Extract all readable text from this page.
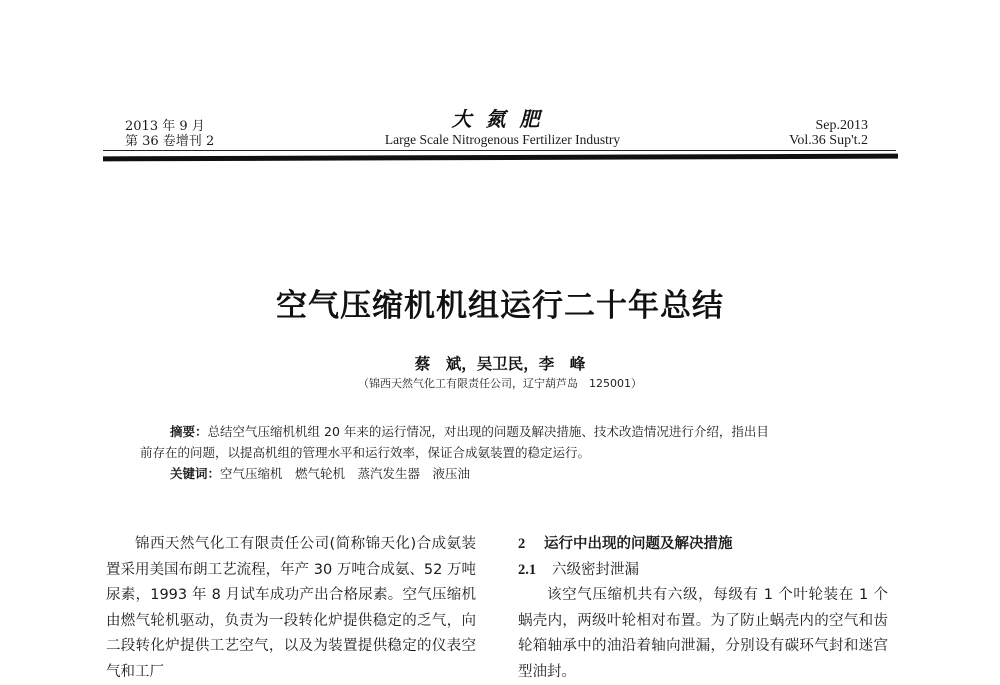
2013 年 9 月
第 36 卷增刊 2
大氮肥
Large Scale Nitrogenous Fertilizer Industry
Sep.2013
Vol.36 Sup't.2
空气压缩机机组运行二十年总结
蔡　斌，吴卫民，李　峰
（锦西天然气化工有限责任公司，辽宁葫芦岛　125001）

摘要：总结空气压缩机机组 20 年来的运行情况，对出现的问题及解决措施、技术改造情况进行介绍，指出目

前存在的问题，以提高机组的管理水平和运行效率，保证合成氨装置的稳定运行。

关键词：空气压缩机　燃气轮机　蒸汽发生器　液压油

锦西天然气化工有限责任公司(简称锦天化)合成氨装置采用美国布朗工艺流程，年产 30 万吨合成氨、52 万吨尿素，1993 年 8 月试车成功产出合格尿素。空气压缩机由燃气轮机驱动，负责为一段转化炉提供稳定的乏气，向二段转化炉提供工艺空气，以及为装置提供稳定的仪表空气和工厂

2 运行中出现的问题及解决措施

2.1 六级密封泄漏

该空气压缩机共有六级，每级有 1 个叶轮装在 1 个蜗壳内，两级叶轮相对布置。为了防止蜗壳内的空气和齿轮箱轴承中的油沿着轴向泄漏，分别设有碳环气封和迷宫型油封。
